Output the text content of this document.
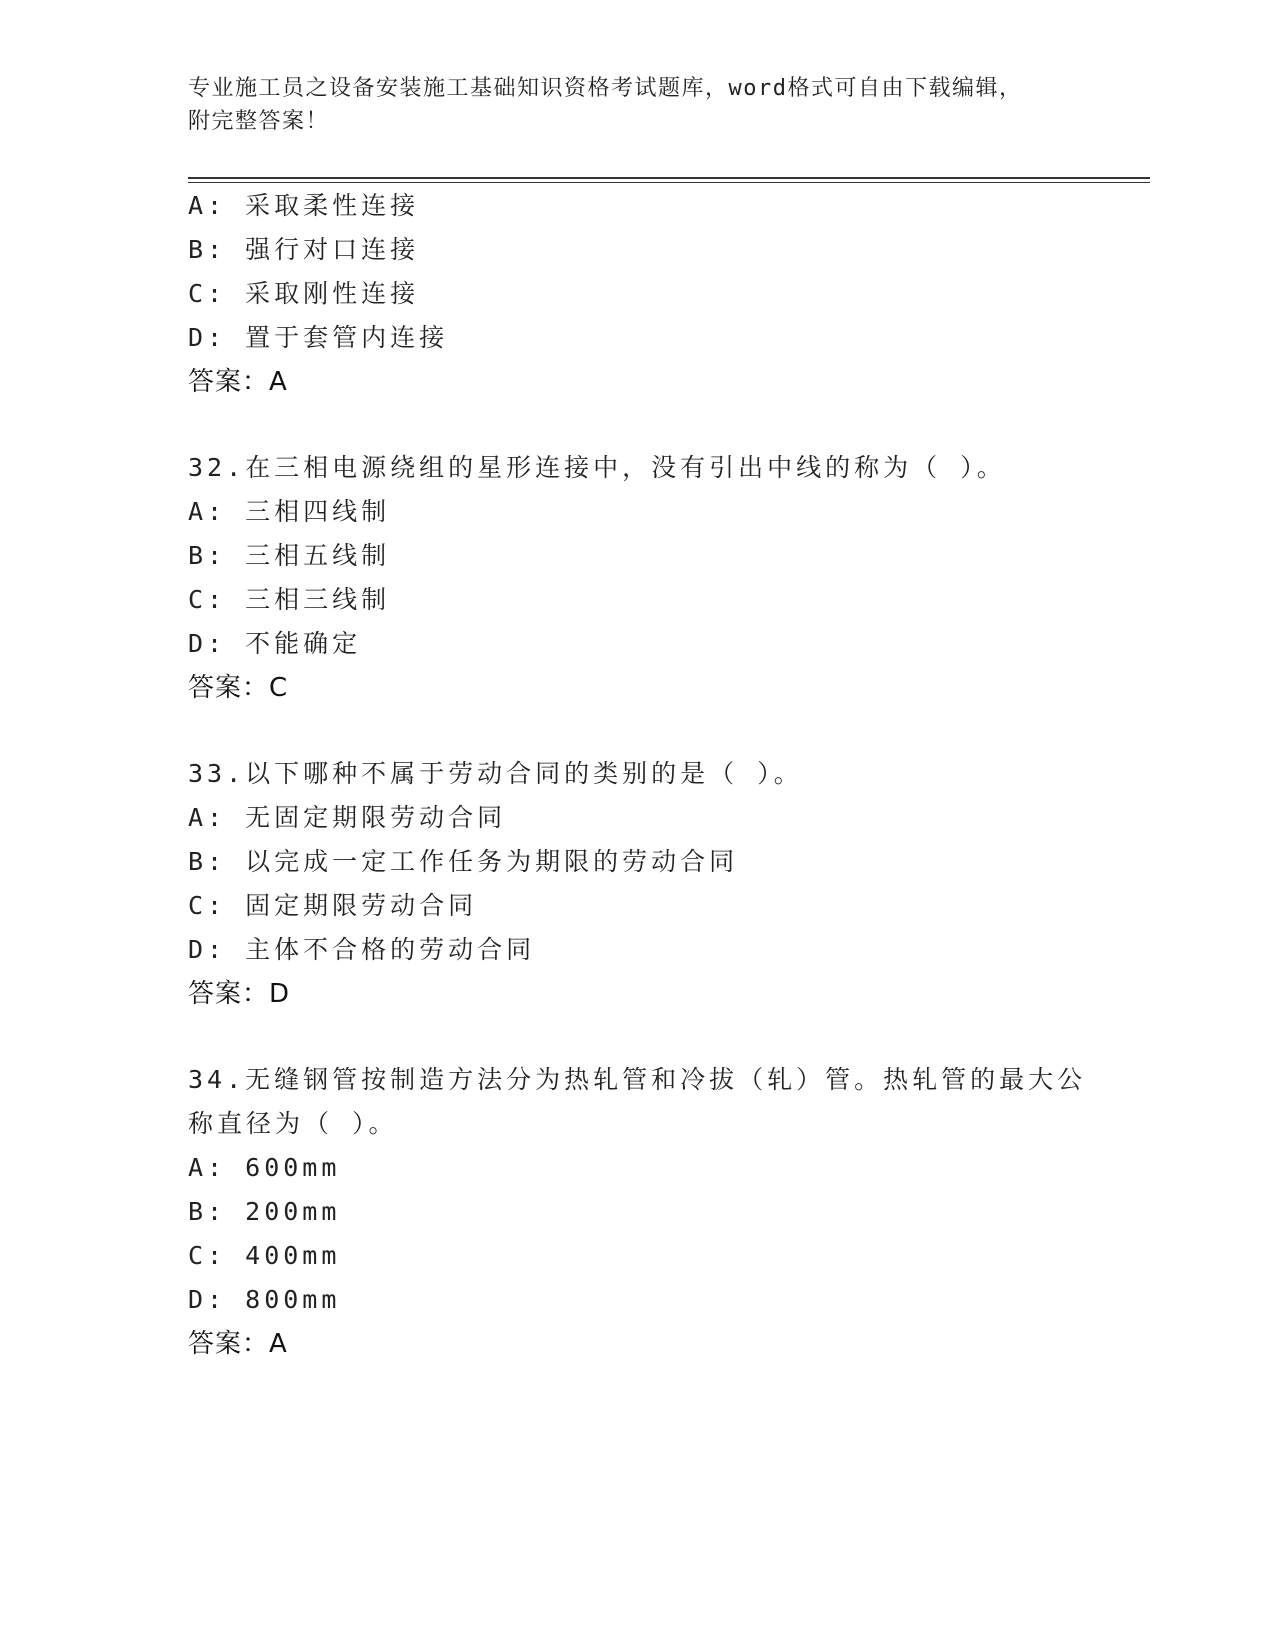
专业施工员之设备安装施工基础知识资格考试题库，word格式可自由下载编辑，
附完整答案！
A: 采取柔性连接
B: 强行对口连接
C: 采取刚性连接
D: 置于套管内连接
答案：A
32.在三相电源绕组的星形连接中，没有引出中线的称为（ ）。
A: 三相四线制
B: 三相五线制
C: 三相三线制
D: 不能确定
答案：C
33.以下哪种不属于劳动合同的类别的是（ ）。
A: 无固定期限劳动合同
B: 以完成一定工作任务为期限的劳动合同
C: 固定期限劳动合同
D: 主体不合格的劳动合同
答案：D
34.无缝钢管按制造方法分为热轧管和冷拔（轧）管。热轧管的最大公
称直径为（ ）。
A: 600mm
B: 200mm
C: 400mm
D: 800mm
答案：A
